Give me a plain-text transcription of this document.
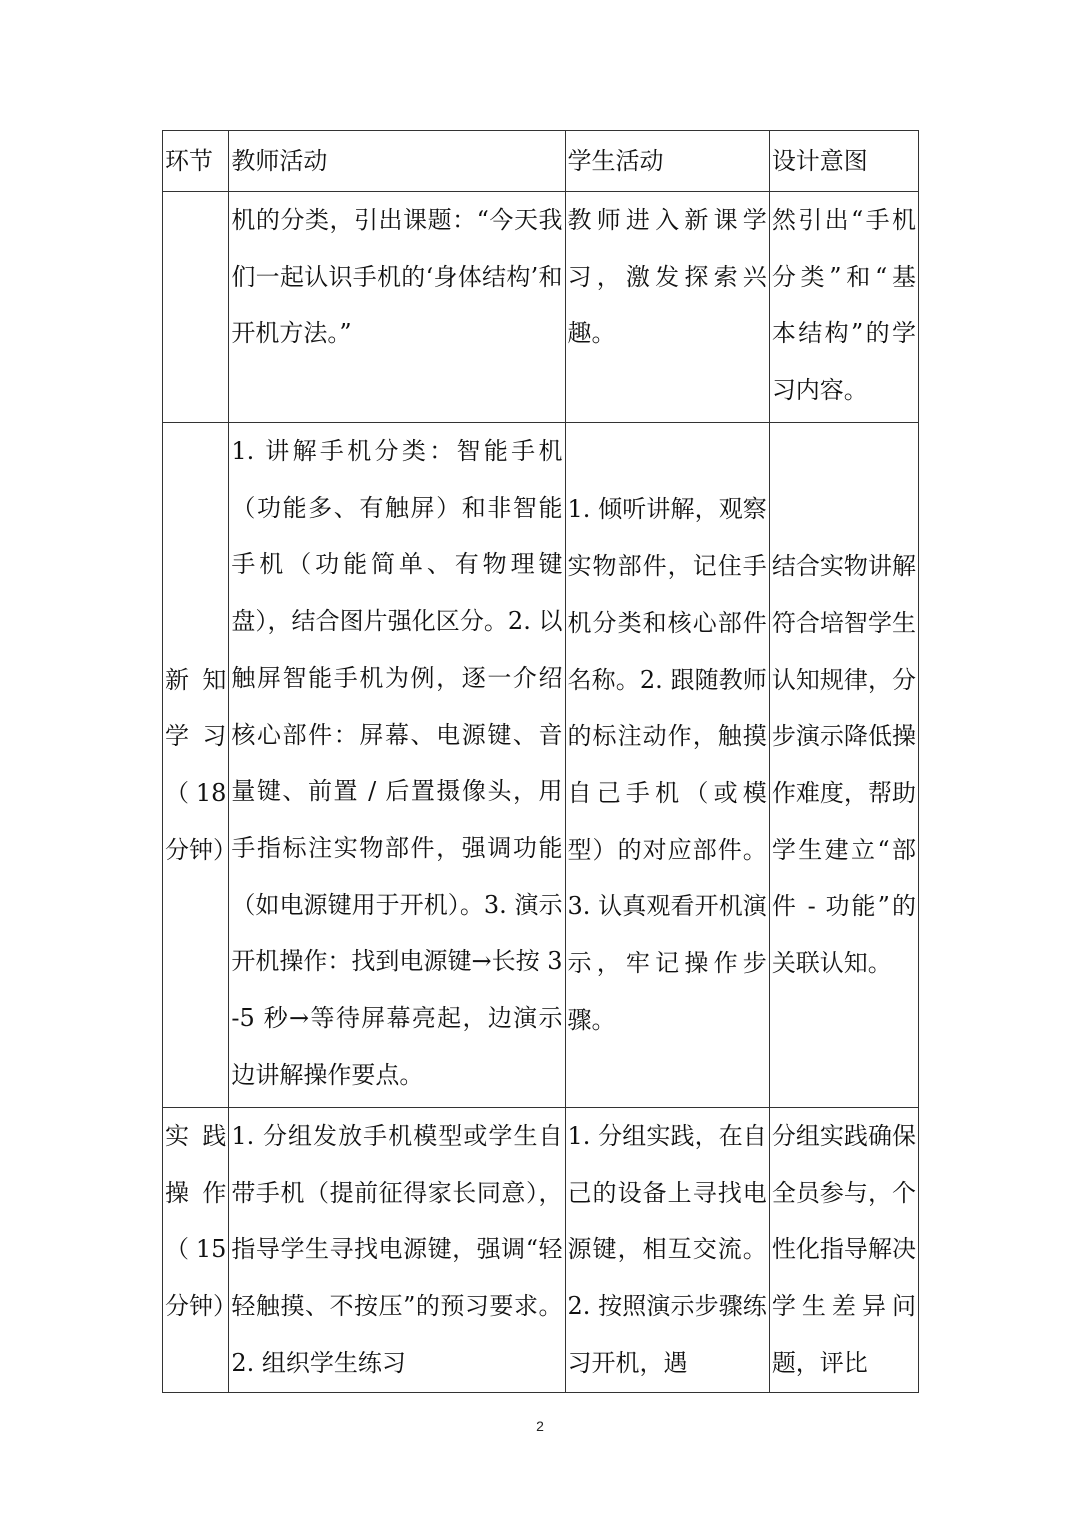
环节	教师活动	学生活动	设计意图
	机的分类，引出课题：“今天我们一起认识手机的‘身体结构’和开机方法。”	教师进入新课学习，激发探索兴趣。	然引出“手机分类”和“基本结构”的学习内容。
新知学习（18分钟）	1. 讲解手机分类：智能手机（功能多、有触屏）和非智能手机（功能简单、有物理键盘），结合图片强化区分。2. 以触屏智能手机为例，逐一介绍核心部件：屏幕、电源键、音量键、前置 / 后置摄像头，用手指标注实物部件，强调功能（如电源键用于开机）。3. 演示开机操作：找到电源键→长按 3-5 秒→等待屏幕亮起，边演示边讲解操作要点。	1. 倾听讲解，观察实物部件，记住手机分类和核心部件名称。2. 跟随教师的标注动作，触摸自己手机（或模型）的对应部件。3. 认真观看开机演示，牢记操作步骤。	结合实物讲解符合培智学生认知规律，分步演示降低操作难度，帮助学生建立“部件 - 功能”的关联认知。
实践操作（15分钟）	1. 分组发放手机模型或学生自带手机（提前征得家长同意），指导学生寻找电源键，强调“轻轻触摸、不按压”的预习要求。2. 组织学生练习	1. 分组实践，在自己的设备上寻找电源键，相互交流。2. 按照演示步骤练习开机，遇	分组实践确保全员参与，个性化指导解决学生差异问题，评比
2
